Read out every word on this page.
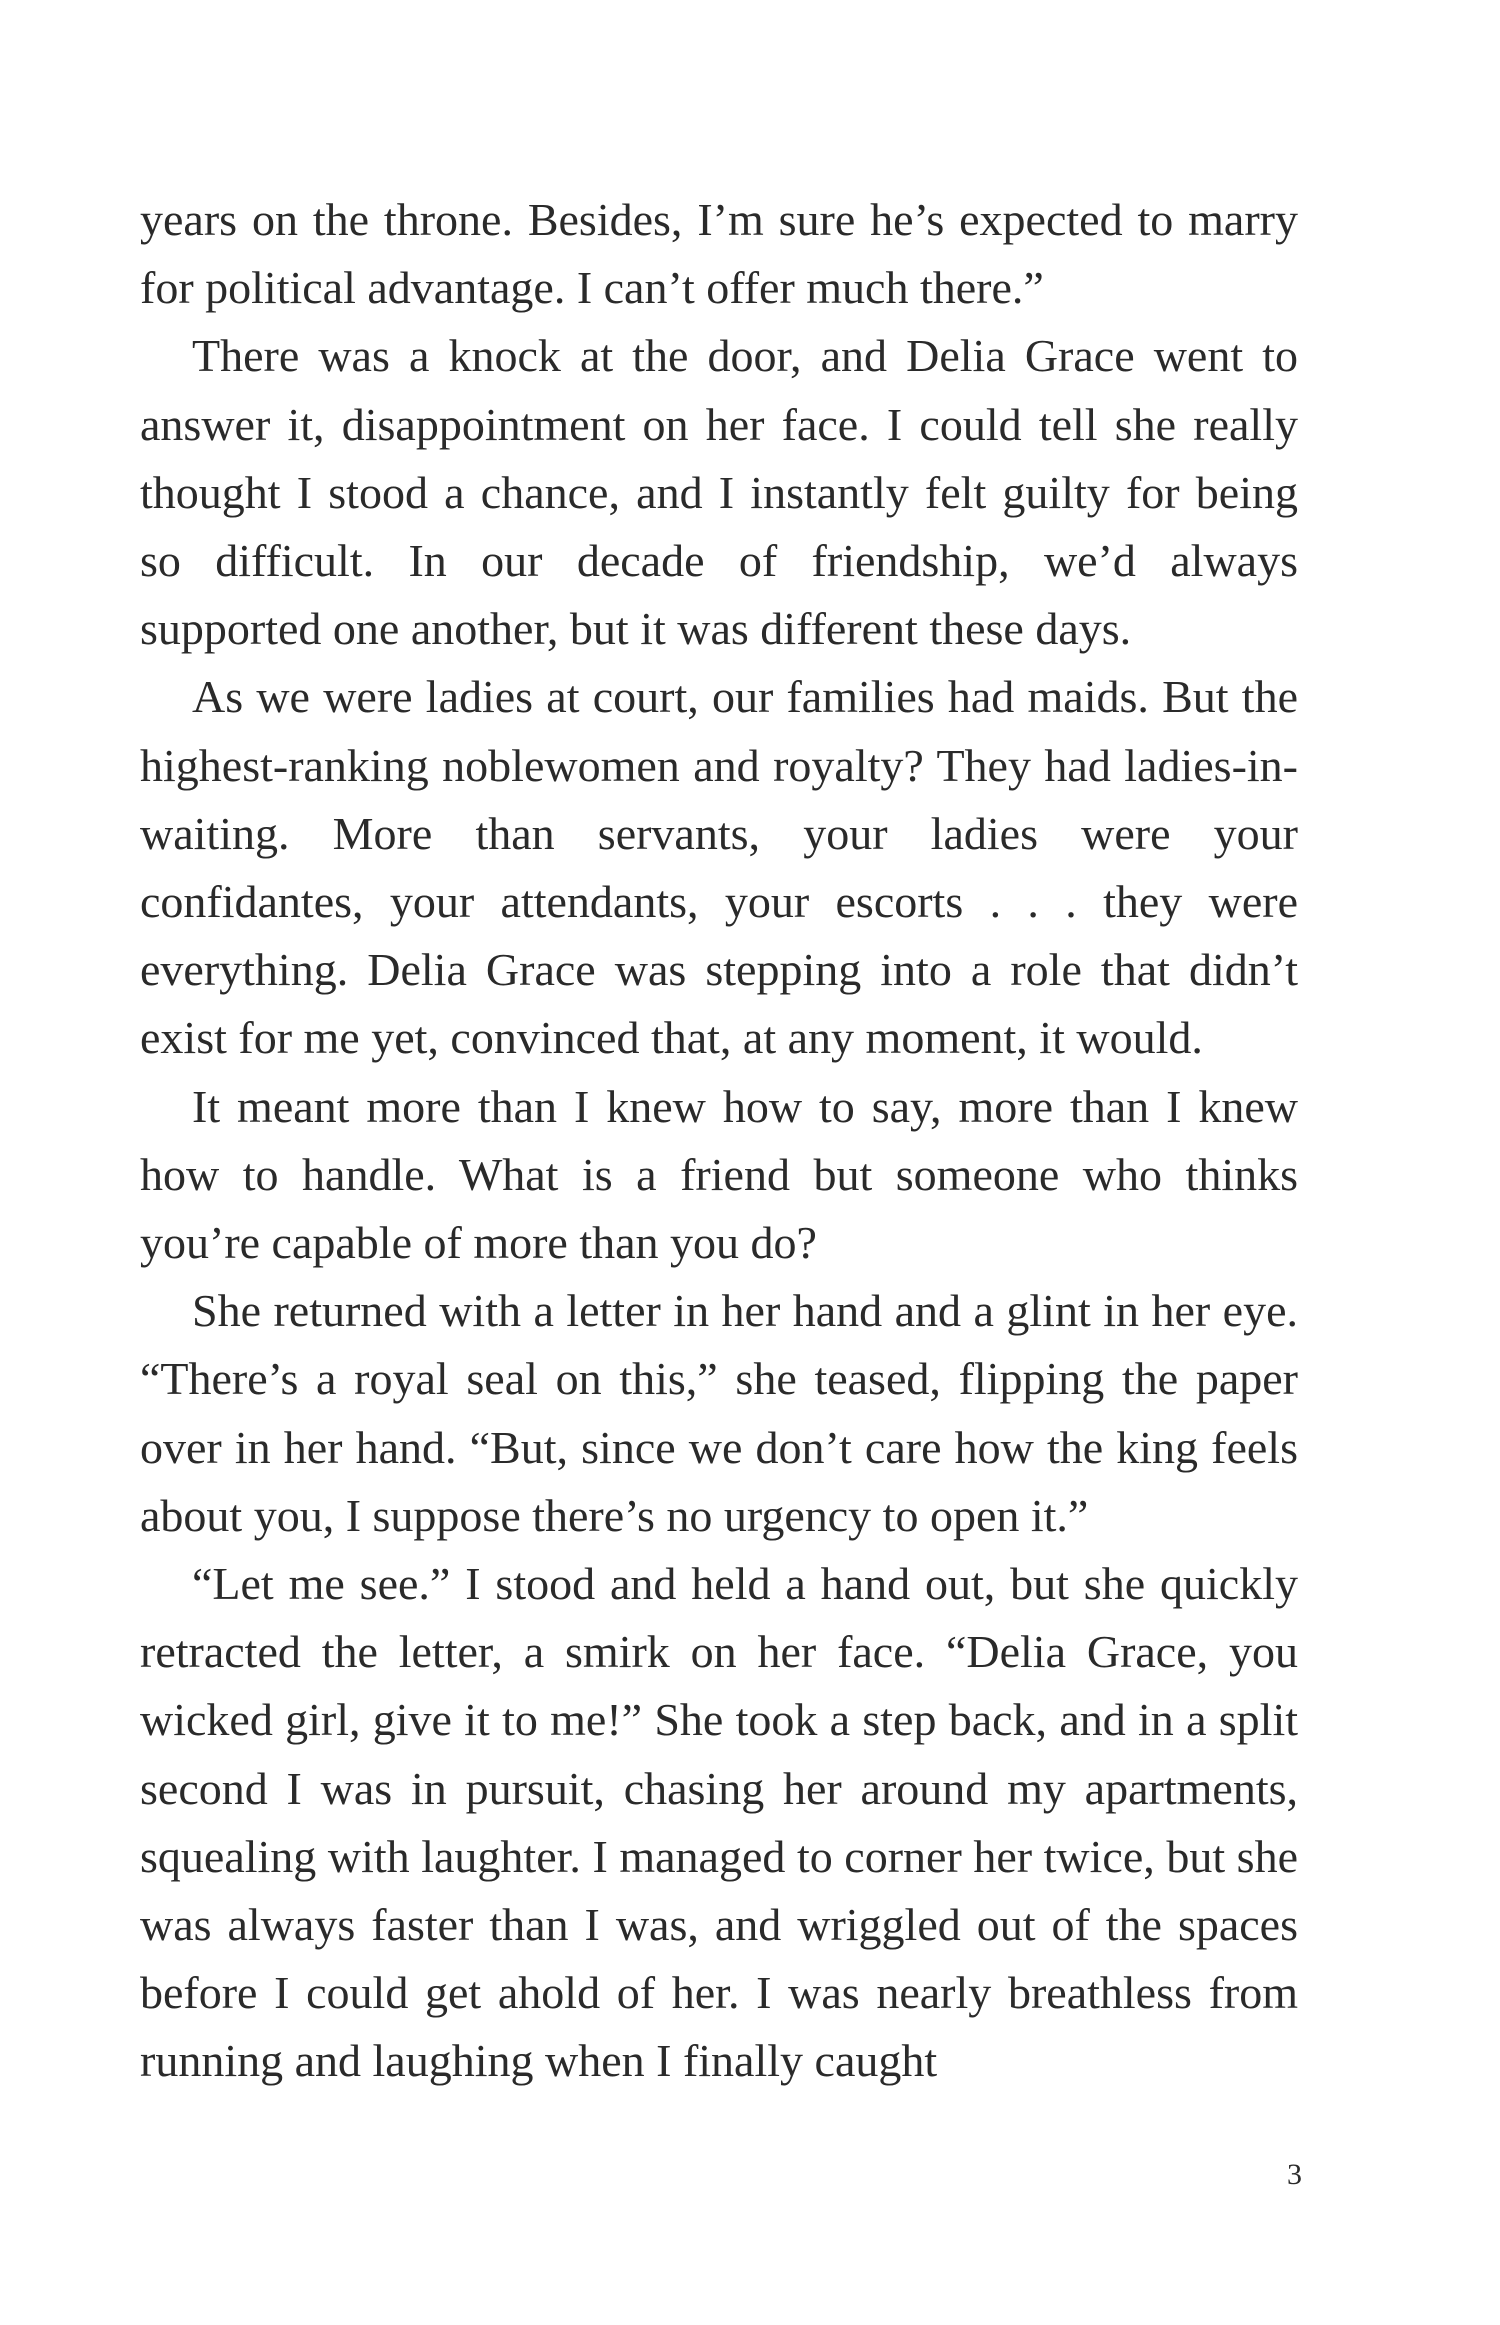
years on the throne. Besides, I’m sure he’s expected to marry for political advantage. I can’t offer much there.”

There was a knock at the door, and Delia Grace went to answer it, disappointment on her face. I could tell she really thought I stood a chance, and I instantly felt guilty for being so difficult. In our decade of friendship, we’d always supported one another, but it was different these days.

As we were ladies at court, our families had maids. But the highest-ranking noblewomen and royalty? They had ladies-in-waiting. More than servants, your ladies were your confidantes, your attendants, your escorts . . . they were everything. Delia Grace was stepping into a role that didn’t exist for me yet, convinced that, at any moment, it would.

It meant more than I knew how to say, more than I knew how to handle. What is a friend but someone who thinks you’re capable of more than you do?

She returned with a letter in her hand and a glint in her eye. “There’s a royal seal on this,” she teased, flipping the paper over in her hand. “But, since we don’t care how the king feels about you, I suppose there’s no urgency to open it.”

“Let me see.” I stood and held a hand out, but she quickly retracted the letter, a smirk on her face. “Delia Grace, you wicked girl, give it to me!” She took a step back, and in a split second I was in pursuit, chasing her around my apartments, squealing with laughter. I managed to corner her twice, but she was always faster than I was, and wriggled out of the spaces before I could get ahold of her. I was nearly breathless from running and laughing when I finally caught

3
